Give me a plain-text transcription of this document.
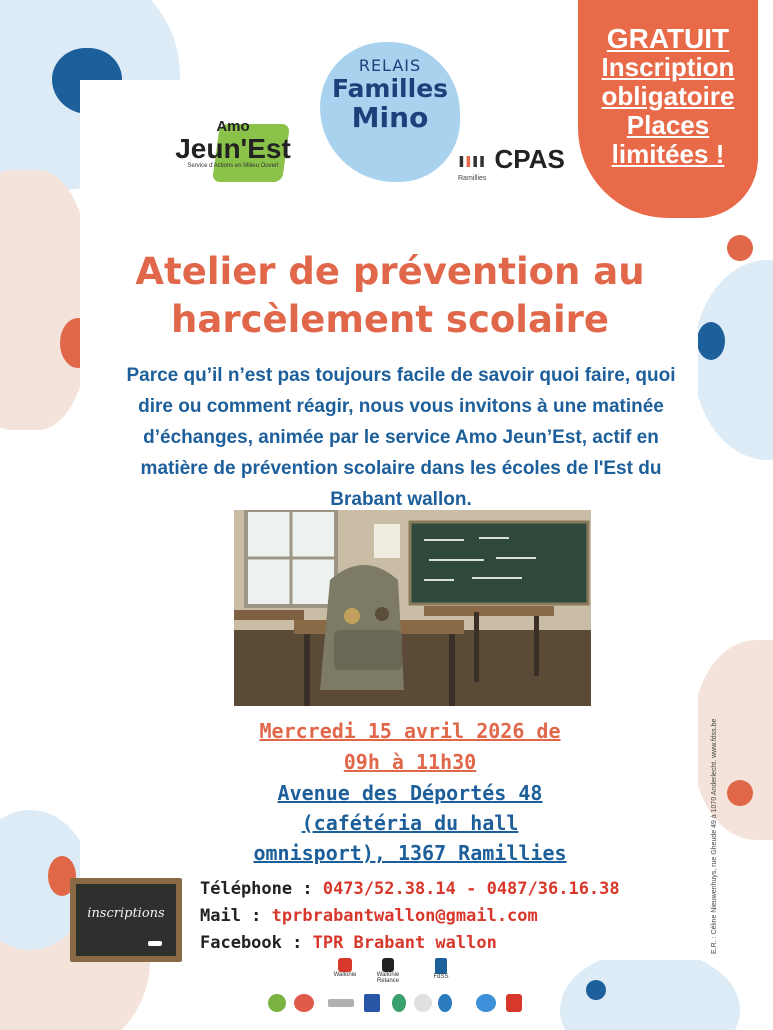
GRATUIT
Inscription
obligatoire
Places
limitées !
Amo
Jeun'Est
Service d'Actions en Milieu Ouvert
RELAIS
Familles
Mino
ıııı CPAS
Ramillies
Atelier de prévention au
harcèlement scolaire
Parce qu’il n’est pas toujours facile de savoir quoi faire, quoi dire ou comment réagir, nous vous invitons à une matinée d’échanges, animée par le service Amo Jeun’Est, actif en matière de prévention scolaire dans les écoles de l'Est du Brabant wallon.
Mercredi 15 avril 2026 de
09h à 11h30
Avenue des Déportés 48
(cafétéria du hall
omnisport), 1367 Ramillies
inscriptions
Téléphone : 0473/52.38.14 - 0487/36.16.38
Mail : tprbrabantwallon@gmail.com
Facebook : TPR Brabant wallon
Wallonie	Wallonie Relance
FdSS
E.R. : Céline Nieuwenhuys, rue Gheude 49 à 1070 Anderlecht. www.fdss.be
